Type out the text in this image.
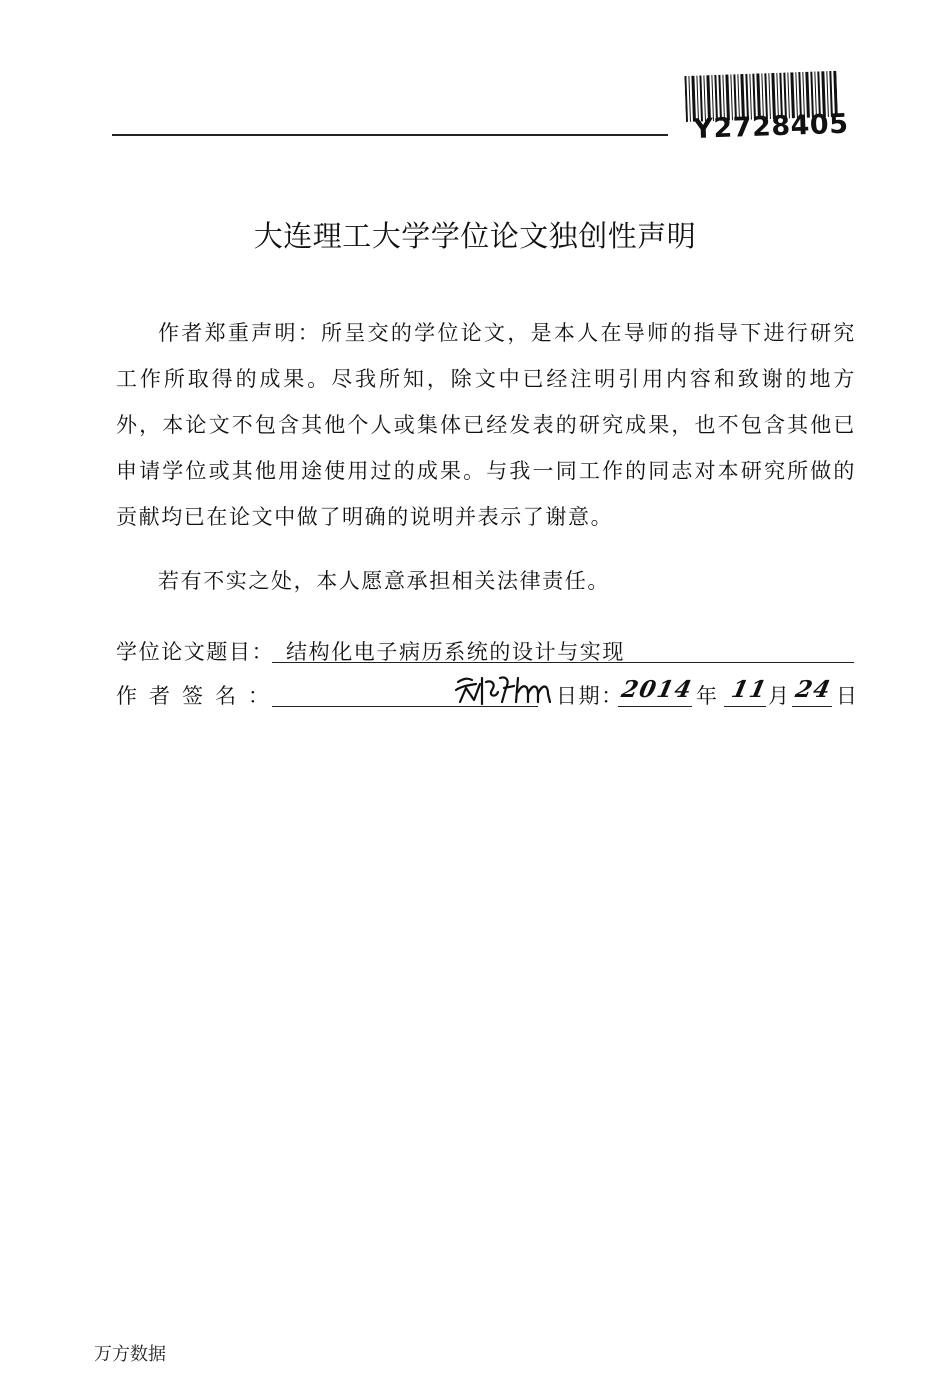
Y2728405
大连理工大学学位论文独创性声明

作者郑重声明：所呈交的学位论文，是本人在导师的指导下进行研究工作所取得的成果。尽我所知，除文中已经注明引用内容和致谢的地方外，本论文不包含其他个人或集体已经发表的研究成果，也不包含其他已申请学位或其他用途使用过的成果。与我一同工作的同志对本研究所做的贡献均已在论文中做了明确的说明并表示了谢意。

若有不实之处，本人愿意承担相关法律责任。

学位论文题目： 结构化电子病历系统的设计与实现
作者签名：	日期：
2014 年 11
月 24 日
万方数据
